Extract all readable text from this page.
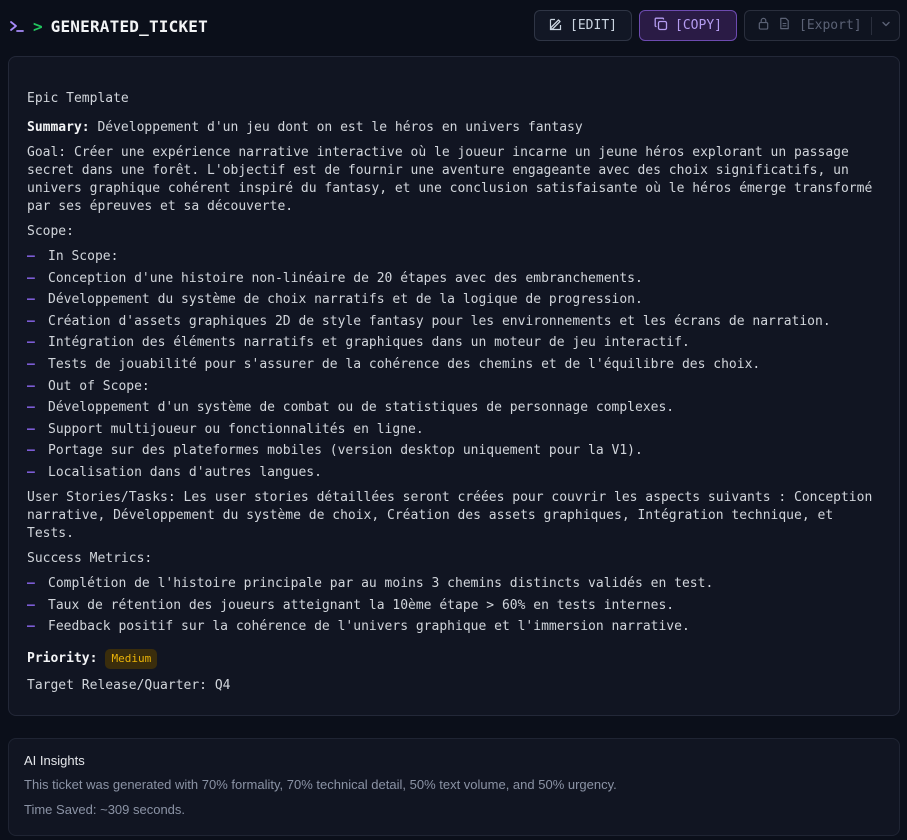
> GENERATED_TICKET	[EDIT]	[COPY]	[Export]

Epic Template

Summary: Développement d'un jeu dont on est le héros en univers fantasy

Goal: Créer une expérience narrative interactive où le joueur incarne un jeune héros explorant un passage secret dans une forêt. L'objectif est de fournir une aventure engageante avec des choix significatifs, un univers graphique cohérent inspiré du fantasy, et une conclusion satisfaisante où le héros émerge transformé par ses épreuves et sa découverte.

Scope:

– In Scope:
– Conception d'une histoire non-linéaire de 20 étapes avec des embranchements.
– Développement du système de choix narratifs et de la logique de progression.
– Création d'assets graphiques 2D de style fantasy pour les environnements et les écrans de narration.
– Intégration des éléments narratifs et graphiques dans un moteur de jeu interactif.
– Tests de jouabilité pour s'assurer de la cohérence des chemins et de l'équilibre des choix.
– Out of Scope:
– Développement d'un système de combat ou de statistiques de personnage complexes.
– Support multijoueur ou fonctionnalités en ligne.
– Portage sur des plateformes mobiles (version desktop uniquement pour la V1).
– Localisation dans d'autres langues.

User Stories/Tasks: Les user stories détaillées seront créées pour couvrir les aspects suivants : Conception narrative, Développement du système de choix, Création des assets graphiques, Intégration technique, et Tests.

Success Metrics:

– Complétion de l'histoire principale par au moins 3 chemins distincts validés en test.
– Taux de rétention des joueurs atteignant la 10ème étape > 60% en tests internes.
– Feedback positif sur la cohérence de l'univers graphique et l'immersion narrative.
Priority:	Medium

Target Release/Quarter: Q4

AI Insights
This ticket was generated with 70% formality, 70% technical detail, 50% text volume, and 50% urgency.
Time Saved: ~309 seconds.
